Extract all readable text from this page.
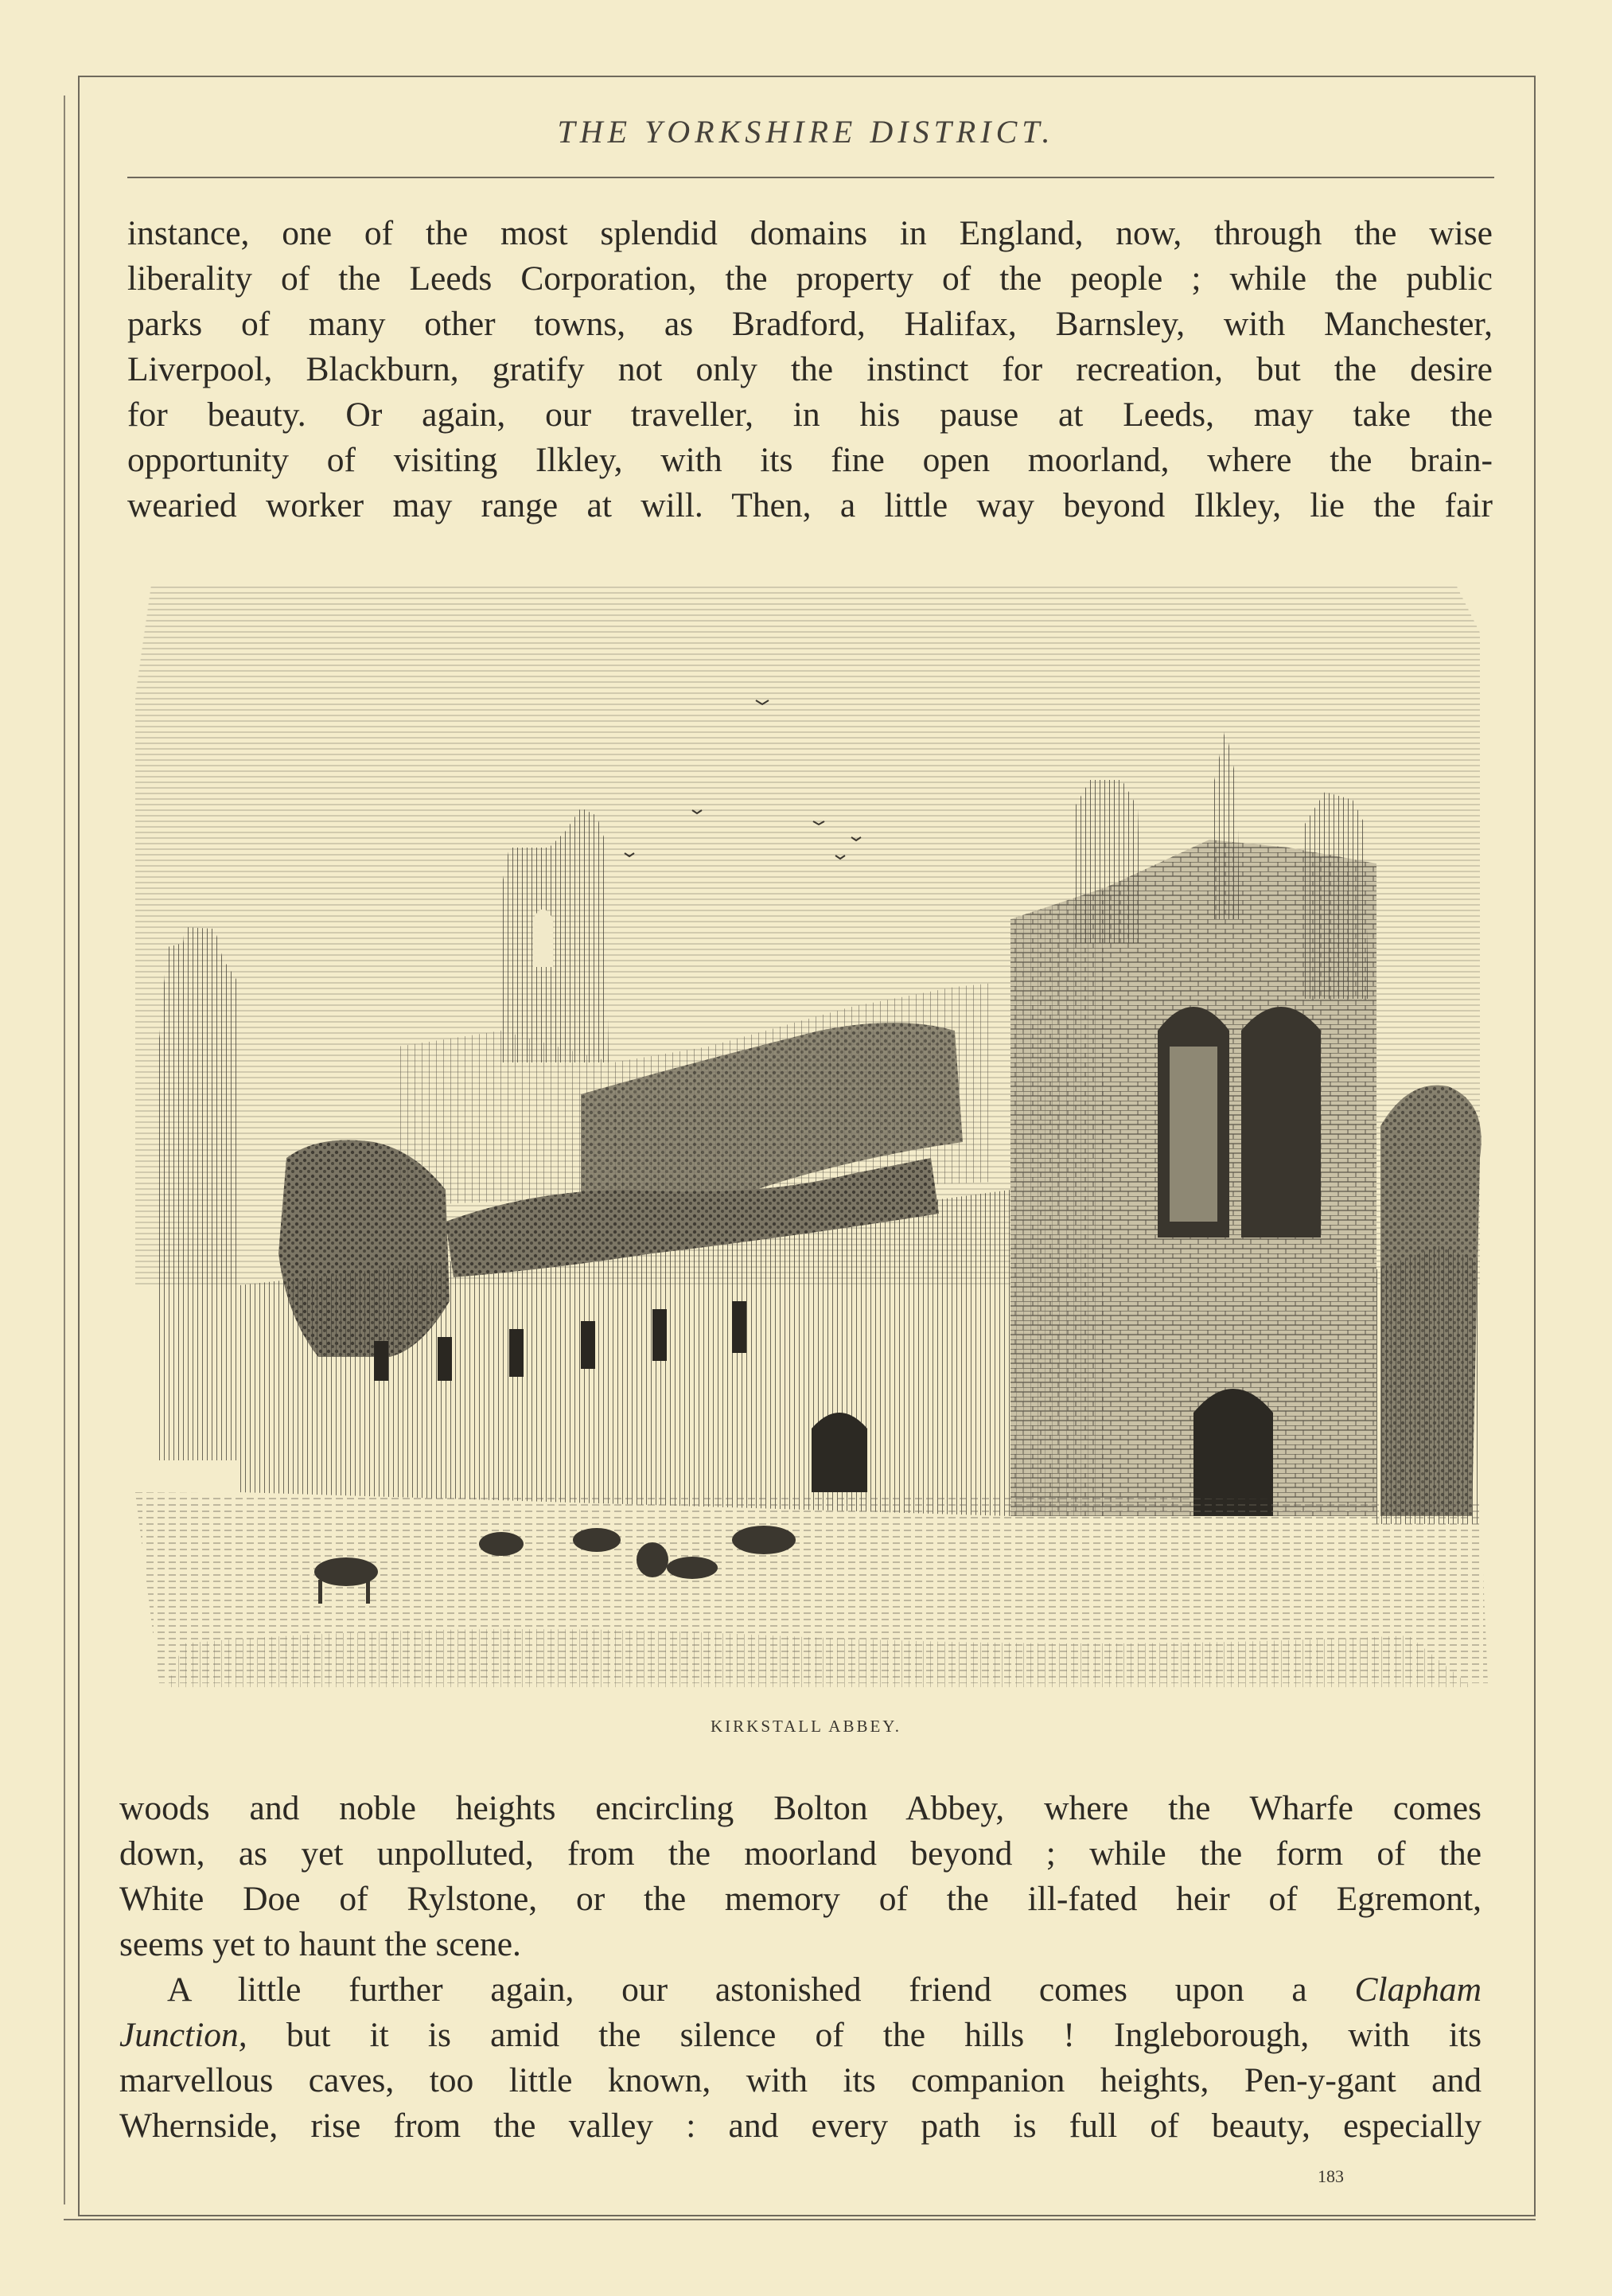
THE YORKSHIRE DISTRICT.

instance, one of the most splendid domains in England, now, through the wise

liberality of the Leeds Corporation, the property of the people ; while the public

parks of many other towns, as Bradford, Halifax, Barnsley, with Manchester,

Liverpool, Blackburn, gratify not only the instinct for recreation, but the desire

for beauty. Or again, our traveller, in his pause at Leeds, may take the

opportunity of visiting Ilkley, with its fine open moorland, where the brain-

wearied worker may range at will. Then, a little way beyond Ilkley, lie the fair

KIRKSTALL ABBEY.

woods and noble heights encircling Bolton Abbey, where the Wharfe comes

down, as yet unpolluted, from the moorland beyond ; while the form of the

White Doe of Rylstone, or the memory of the ill-fated heir of Egremont,

seems yet to haunt the scene.

A little further again, our astonished friend comes upon a Clapham

Junction, but it is amid the silence of the hills ! Ingleborough, with its

marvellous caves, too little known, with its companion heights, Pen-y-gant and

Whernside, rise from the valley : and every path is full of beauty, especially

183
